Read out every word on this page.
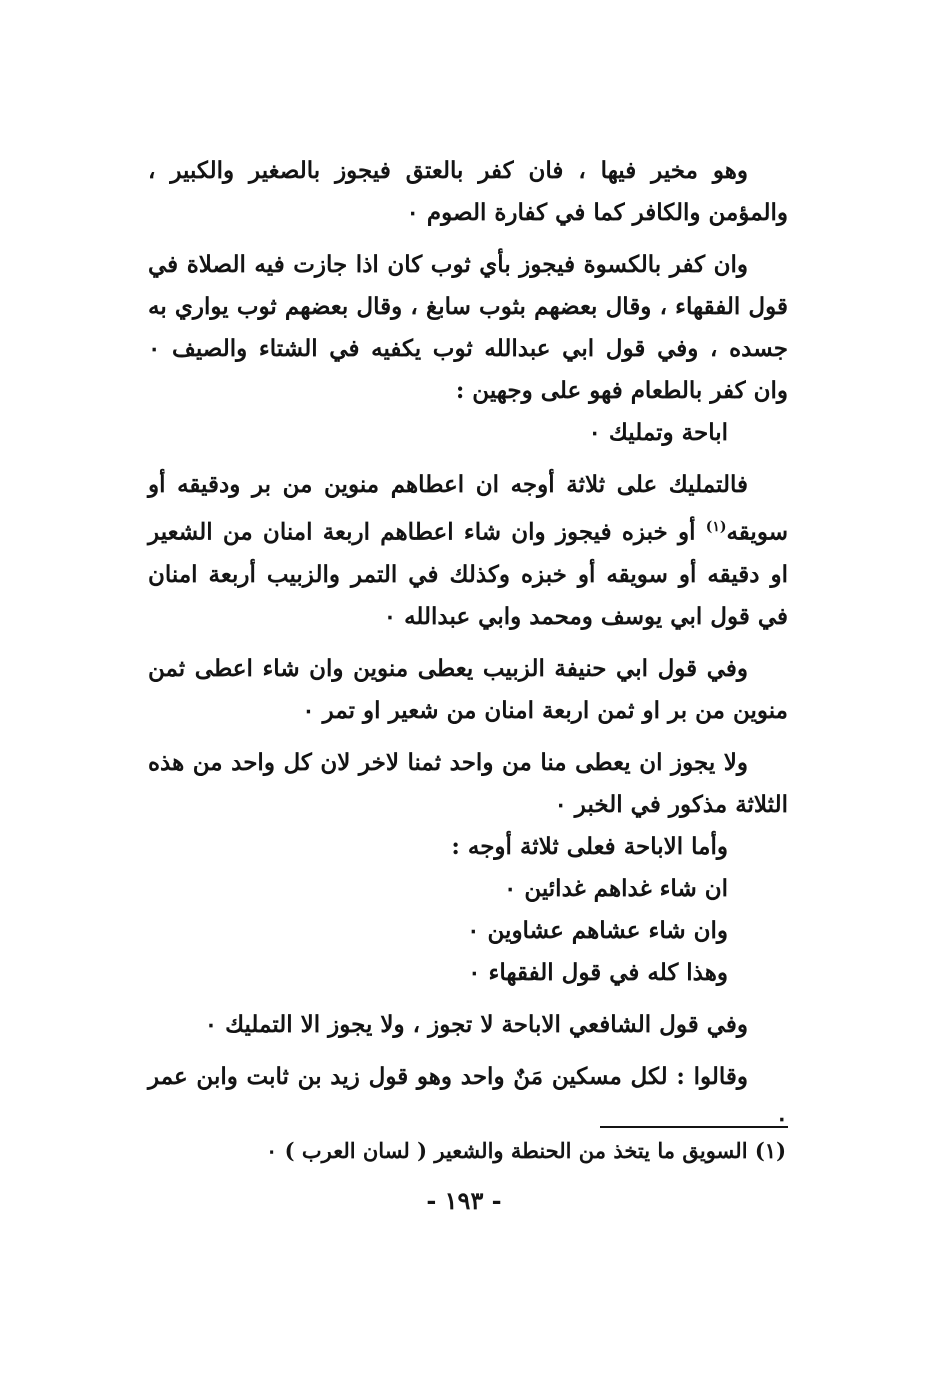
وهو مخير فيها ، فان كفر بالعتق فيجوز بالصغير والكبير ، والمؤمن والكافر كما في كفارة الصوم ٠

وان كفر بالكسوة فيجوز بأي ثوب كان اذا جازت فيه الصلاة في قول الفقهاء ، وقال بعضهم بثوب سابغ ، وقال بعضهم ثوب يواري به جسده ، وفي قول ابي عبدالله ثوب يكفيه في الشتاء والصيف ٠ وان كفر بالطعام فهو على وجهين :

اباحة وتمليك ٠

فالتمليك على ثلاثة أوجه ان اعطاهم منوين من بر ودقيقه أو سويقه$^{(١)}$ أو خبزه فيجوز وان شاء اعطاهم اربعة امنان من الشعير او دقيقه أو سويقه أو خبزه وكذلك في التمر والزبيب أربعة امنان في قول ابي يوسف ومحمد وابي عبدالله ٠

وفي قول ابي حنيفة الزبيب يعطى منوين وان شاء اعطى ثمن منوين من بر او ثمن اربعة امنان من شعير او تمر ٠

ولا يجوز ان يعطى منا من واحد ثمنا لاخر لان كل واحد من هذه الثلاثة مذكور في الخبر ٠

وأما الاباحة فعلى ثلاثة أوجه :

ان شاء غداهم غدائين ٠

وان شاء عشاهم عشاوين ٠

وهذا كله في قول الفقهاء ٠

وفي قول الشافعي الاباحة لا تجوز ، ولا يجوز الا التمليك ٠

وقالوا : لكل مسكين مَنٌ واحد وهو قول زيد بن ثابت وابن عمر ٠

(١) السويق ما يتخذ من الحنطة والشعير ( لسان العرب ) ٠
- ١٩٣ -
